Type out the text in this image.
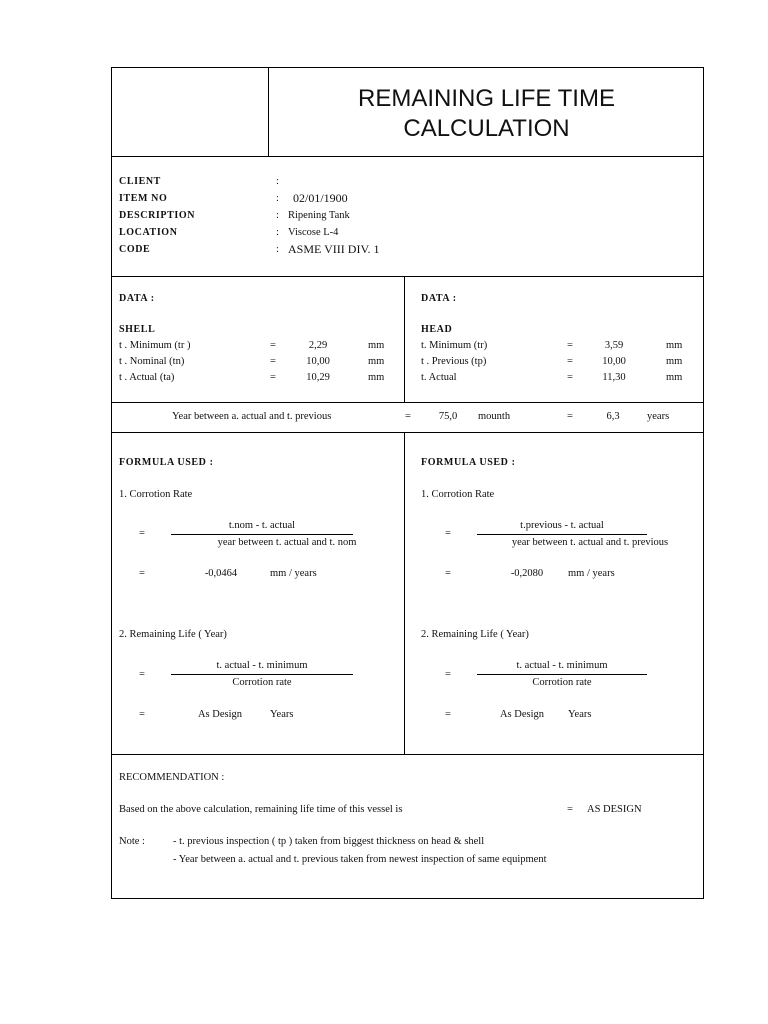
REMAINING LIFE TIME
CALCULATION
CLIENT	:
ITEM NO	: 02/01/1900
DESCRIPTION	: Ripening Tank
LOCATION	: Viscose L-4
CODE	: ASME VIII DIV. 1
DATA :
SHELL
t . Minimum (tr )	=	2,29	mm
t . Nominal (tn)	=	10,00	mm
t . Actual (ta)	=	10,29	mm
DATA :
HEAD
t. Minimum (tr)	=	3,59	mm
t . Previous (tp)	=	10,00	mm
t. Actual	=	11,30	mm
Year between a. actual and t. previous	=	75,0	mounth	=	6,3	years
FORMULA USED :
1. Corrotion Rate
=
t.nom - t. actual
year between t. actual and t. nom
=	-0,0464	mm / years
2. Remaining Life ( Year)
=
t. actual - t. minimum
Corrotion rate
=	As Design	Years
FORMULA USED :
1. Corrotion Rate
=
t.previous - t. actual
year between t. actual and t. previous
=	-0,2080	mm / years
2. Remaining Life ( Year)
=
t. actual - t. minimum
Corrotion rate
=	As Design	Years
RECOMMENDATION :
Based on the above calculation, remaining life time of this vessel is	= AS DESIGN
Note :	- t. previous inspection ( tp ) taken from biggest thickness on head & shell
- Year between a. actual and t. previous taken from newest inspection of same equipment
